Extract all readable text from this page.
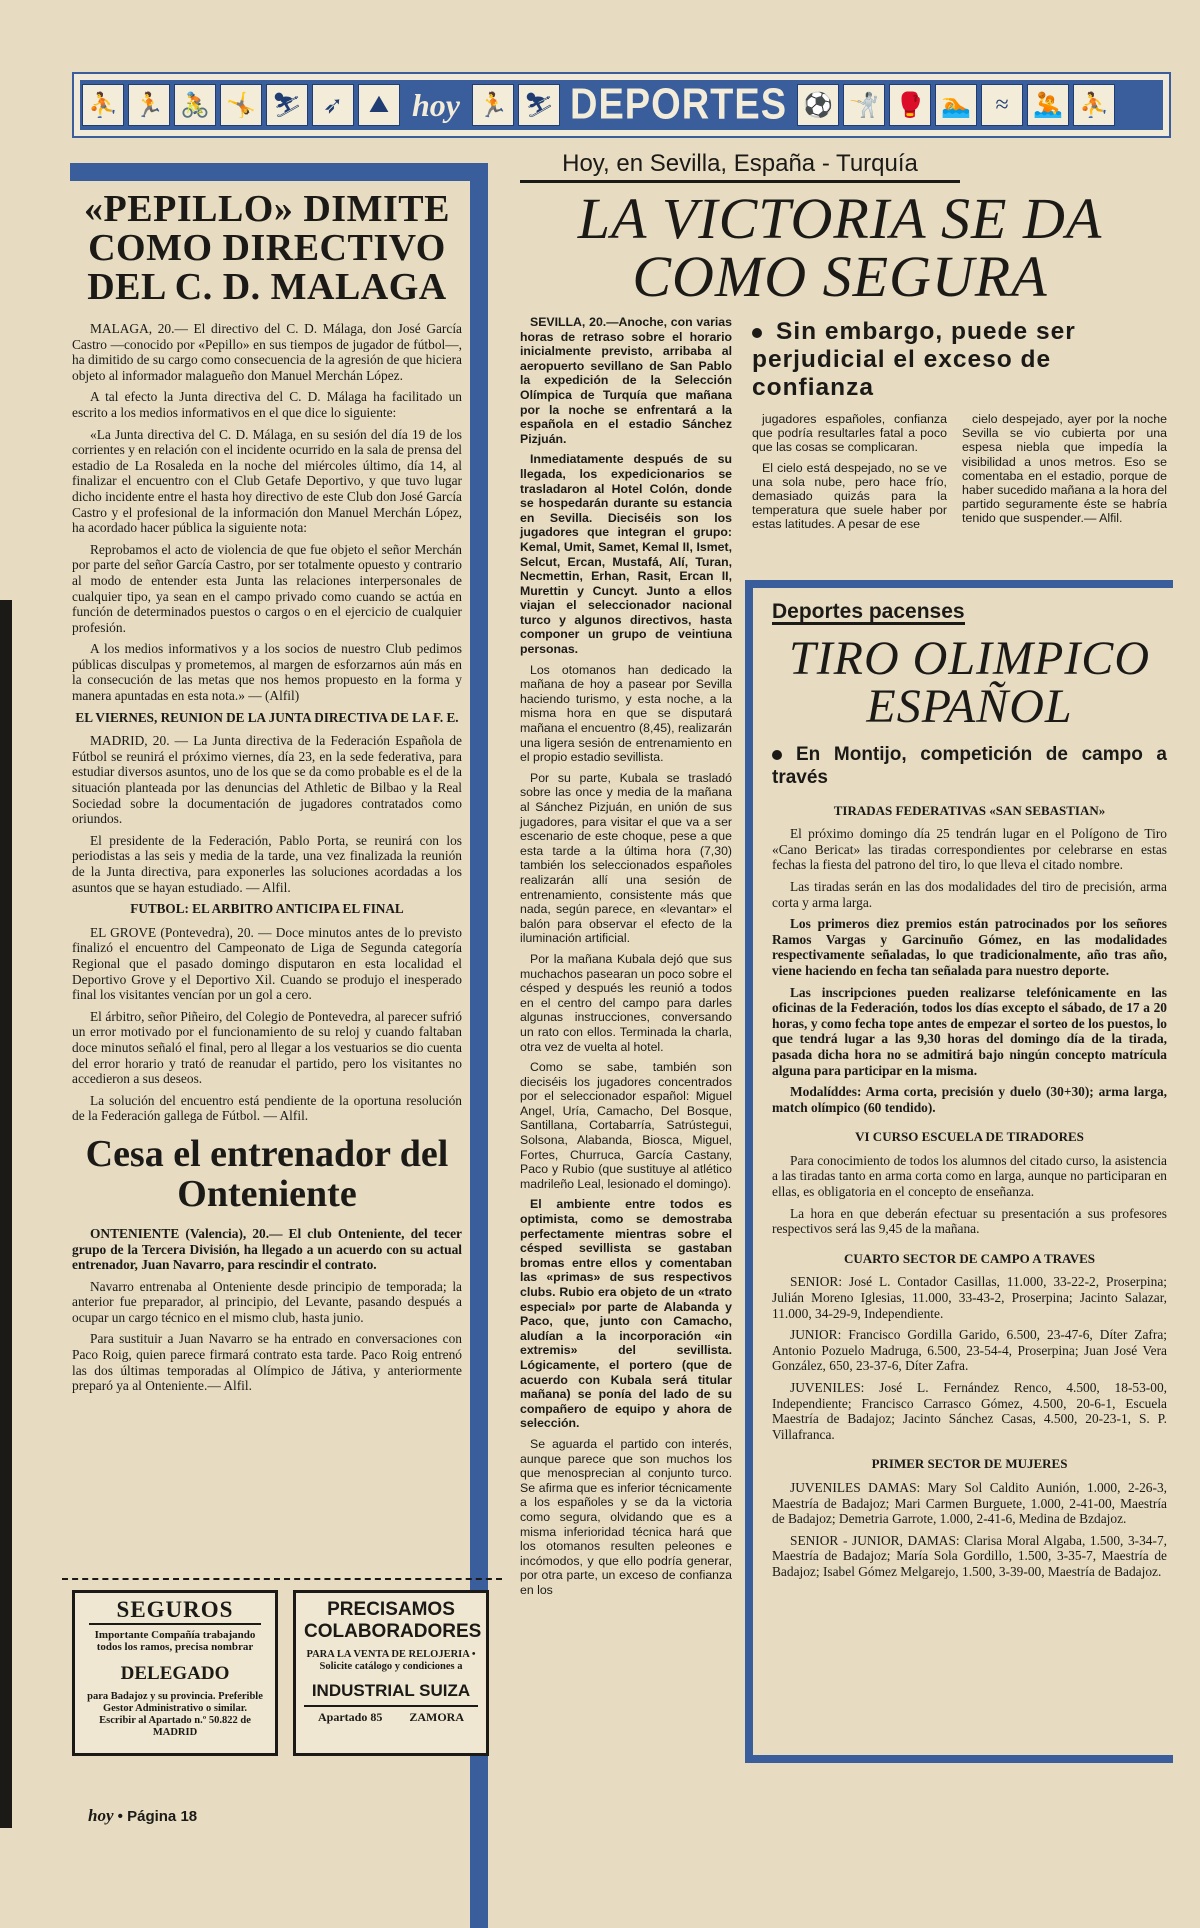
⛹ 🏃 🚴 🤸 ⛷ ➶	⛰ hoy 🏃 ⛷ DEPORTES ⚽ 🤺 🥊 🏊	≈	🤽 ⛹
«PEPILLO» DIMITE COMO DIRECTIVO DEL C. D. MALAGA

MALAGA, 20.— El directivo del C. D. Málaga, don José García Castro —conocido por «Pepillo» en sus tiempos de jugador de fútbol—, ha dimitido de su cargo como consecuencia de la agresión de que hiciera objeto al informador malagueño don Manuel Merchán López.

A tal efecto la Junta directiva del C. D. Málaga ha facilitado un escrito a los medios informativos en el que dice lo siguiente:

«La Junta directiva del C. D. Málaga, en su sesión del día 19 de los corrientes y en relación con el incidente ocurrido en la sala de prensa del estadio de La Rosaleda en la noche del miércoles último, día 14, al finalizar el encuentro con el Club Getafe Deportivo, y que tuvo lugar dicho incidente entre el hasta hoy directivo de este Club don José García Castro y el profesional de la información don Manuel Merchán López, ha acordado hacer pública la siguiente nota:

Reprobamos el acto de violencia de que fue objeto el señor Merchán por parte del señor García Castro, por ser totalmente opuesto y contrario al modo de entender esta Junta las relaciones interpersonales de cualquier tipo, ya sean en el campo privado como cuando se actúa en función de determinados puestos o cargos o en el ejercicio de cualquier profesión.

A los medios informativos y a los socios de nuestro Club pedimos públicas disculpas y prometemos, al margen de esforzarnos aún más en la consecución de las metas que nos hemos propuesto en la forma y manera apuntadas en esta nota.» — (Alfil)

EL VIERNES, REUNION DE LA JUNTA DIRECTIVA DE LA F. E.

MADRID, 20. — La Junta directiva de la Federación Española de Fútbol se reunirá el próximo viernes, día 23, en la sede federativa, para estudiar diversos asuntos, uno de los que se da como probable es el de la situación planteada por las denuncias del Athletic de Bilbao y la Real Sociedad sobre la documentación de jugadores contratados como oriundos.

El presidente de la Federación, Pablo Porta, se reunirá con los periodistas a las seis y media de la tarde, una vez finalizada la reunión de la Junta directiva, para exponerles las soluciones acordadas a los asuntos que se hayan estudiado. — Alfil.

FUTBOL: EL ARBITRO ANTICIPA EL FINAL

EL GROVE (Pontevedra), 20. — Doce minutos antes de lo previsto finalizó el encuentro del Campeonato de Liga de Segunda categoría Regional que el pasado domingo disputaron en esta localidad el Deportivo Grove y el Deportivo Xil. Cuando se produjo el inesperado final los visitantes vencían por un gol a cero.

El árbitro, señor Piñeiro, del Colegio de Pontevedra, al parecer sufrió un error motivado por el funcionamiento de su reloj y cuando faltaban doce minutos señaló el final, pero al llegar a los vestuarios se dio cuenta del error horario y trató de reanudar el partido, pero los visitantes no accedieron a sus deseos.

La solución del encuentro está pendiente de la oportuna resolución de la Federación gallega de Fútbol. — Alfil.

Cesa el entrenador del Onteniente

ONTENIENTE (Valencia), 20.— El club Onteniente, del tecer grupo de la Tercera División, ha llegado a un acuerdo con su actual entrenador, Juan Navarro, para rescindir el contrato.

Navarro entrenaba al Onteniente desde principio de temporada; la anterior fue preparador, al principio, del Levante, pasando después a ocupar un cargo técnico en el mismo club, hasta junio.

Para sustituir a Juan Navarro se ha entrado en conversaciones con Paco Roig, quien parece firmará contrato esta tarde. Paco Roig entrenó las dos últimas temporadas al Olímpico de Játiva, y anteriormente preparó ya al Onteniente.— Alfil.

SEGUROS
Importante Compañía trabajando todos los ramos, precisa nombrar
DELEGADO
para Badajoz y su provincia. Preferible Gestor Administrativo o similar. Escribir al Apartado n.º 50.822 de MADRID
PRECISAMOS COLABORADORES
PARA LA VENTA DE RELOJERIA • Solicite catálogo y condiciones a
INDUSTRIAL SUIZA
Apartado 85 ZAMORA
Hoy, en Sevilla, España - Turquía
LA VICTORIA SE DA COMO SEGURA

SEVILLA, 20.—Anoche, con varias horas de retraso sobre el horario inicialmente previsto, arribaba al aeropuerto sevillano de San Pablo la expedición de la Selección Olímpica de Turquía que mañana por la noche se enfrentará a la española en el estadio Sánchez Pizjuán.

Inmediatamente después de su llegada, los expedicionarios se trasladaron al Hotel Colón, donde se hospedarán durante su estancia en Sevilla. Dieciséis son los jugadores que integran el grupo: Kemal, Umit, Samet, Kemal II, Ismet, Selcut, Ercan, Mustafá, Alí, Turan, Necmettin, Erhan, Rasit, Ercan II, Murettin y Cuncyt. Junto a ellos viajan el seleccionador nacional turco y algunos directivos, hasta componer un grupo de veintiuna personas.

Los otomanos han dedicado la mañana de hoy a pasear por Sevilla haciendo turismo, y esta noche, a la misma hora en que se disputará mañana el encuentro (8,45), realizarán una ligera sesión de entrenamiento en el propio estadio sevillista.

Por su parte, Kubala se trasladó sobre las once y media de la mañana al Sánchez Pizjuán, en unión de sus jugadores, para visitar el que va a ser escenario de este choque, pese a que esta tarde a la última hora (7,30) también los seleccionados españoles realizarán allí una sesión de entrenamiento, consistente más que nada, según parece, en «levantar» el balón para observar el efecto de la iluminación artificial.

Por la mañana Kubala dejó que sus muchachos pasearan un poco sobre el césped y después les reunió a todos en el centro del campo para darles algunas instrucciones, conversando un rato con ellos. Terminada la charla, otra vez de vuelta al hotel.

Como se sabe, también son dieciséis los jugadores concentrados por el seleccionador español: Miguel Angel, Uría, Camacho, Del Bosque, Santillana, Cortabarría, Satrústegui, Solsona, Alabanda, Biosca, Miguel, Fortes, Churruca, García Castany, Paco y Rubio (que sustituye al atlético madrileño Leal, lesionado el domingo).

El ambiente entre todos es optimista, como se demostraba perfectamente mientras sobre el césped sevillista se gastaban bromas entre ellos y comentaban las «primas» de sus respectivos clubs. Rubio era objeto de un «trato especial» por parte de Alabanda y Paco, que, junto con Camacho, aludían a la incorporación «in extremis» del sevillista. Lógicamente, el portero (que de acuerdo con Kubala será titular mañana) se ponía del lado de su compañero de equipo y ahora de selección.

Se aguarda el partido con interés, aunque parece que son muchos los que menosprecian al conjunto turco. Se afirma que es inferior técnicamente a los españoles y se da la victoria como segura, olvidando que es a misma inferioridad técnica hará que los otomanos resulten peleones e incómodos, y que ello podría generar, por otra parte, un exceso de confianza en los

Sin embargo, puede ser perjudicial el exceso de confianza

jugadores españoles, confianza que podría resultarles fatal a poco que las cosas se complicaran.

El cielo está despejado, no se ve una sola nube, pero hace frío, demasiado quizás para la temperatura que suele haber por estas latitudes. A pesar de ese

cielo despejado, ayer por la noche Sevilla se vio cubierta por una espesa niebla que impedía la visibilidad a unos metros. Eso se comentaba en el estadio, porque de haber sucedido mañana a la hora del partido seguramente éste se habría tenido que suspender.— Alfil.

Deportes pacenses
TIRO OLIMPICO ESPAÑOL
En Montijo, competición de campo a través
TIRADAS FEDERATIVAS «SAN SEBASTIAN»

El próximo domingo día 25 tendrán lugar en el Polígono de Tiro «Cano Bericat» las tiradas correspondientes por celebrarse en estas fechas la fiesta del patrono del tiro, lo que lleva el citado nombre.

Las tiradas serán en las dos modalidades del tiro de precisión, arma corta y arma larga.

Los primeros diez premios están patrocinados por los señores Ramos Vargas y Garcinuño Gómez, en las modalidades respectivamente señaladas, lo que tradicionalmente, año tras año, viene haciendo en fecha tan señalada para nuestro deporte.

Las inscripciones pueden realizarse telefónicamente en las oficinas de la Federación, todos los días excepto el sábado, de 17 a 20 horas, y como fecha tope antes de empezar el sorteo de los puestos, lo que tendrá lugar a las 9,30 horas del domingo día de la tirada, pasada dicha hora no se admitirá bajo ningún concepto matrícula alguna para participar en la misma.

Modalíddes: Arma corta, precisión y duelo (30+30); arma larga, match olímpico (60 tendido).

VI CURSO ESCUELA DE TIRADORES

Para conocimiento de todos los alumnos del citado curso, la asistencia a las tiradas tanto en arma corta como en larga, aunque no participaran en ellas, es obligatoria en el concepto de enseñanza.

La hora en que deberán efectuar su presentación a sus profesores respectivos será las 9,45 de la mañana.

CUARTO SECTOR DE CAMPO A TRAVES

SENIOR: José L. Contador Casillas, 11.000, 33-22-2, Proserpina; Julián Moreno Iglesias, 11.000, 33-43-2, Proserpina; Jacinto Salazar, 11.000, 34-29-9, Independiente.

JUNIOR: Francisco Gordilla Garido, 6.500, 23-47-6, Díter Zafra; Antonio Pozuelo Madruga, 6.500, 23-54-4, Proserpina; Juan José Vera González, 650, 23-37-6, Díter Zafra.

JUVENILES: José L. Fernández Renco, 4.500, 18-53-00, Independiente; Francisco Carrasco Gómez, 4.500, 20-6-1, Escuela Maestría de Badajoz; Jacinto Sánchez Casas, 4.500, 20-23-1, S. P. Villafranca.

PRIMER SECTOR DE MUJERES

JUVENILES DAMAS: Mary Sol Caldito Aunión, 1.000, 2-26-3, Maestría de Badajoz; Mari Carmen Burguete, 1.000, 2-41-00, Maestría de Badajoz; Demetria Garrote, 1.000, 2-41-6, Medina de Bzdajoz.

SENIOR - JUNIOR, DAMAS: Clarisa Moral Algaba, 1.500, 3-34-7, Maestría de Badajoz; María Sola Gordillo, 1.500, 3-35-7, Maestría de Badajoz; Isabel Gómez Melgarejo, 1.500, 3-39-00, Maestría de Badajoz.

hoy • Página 18
